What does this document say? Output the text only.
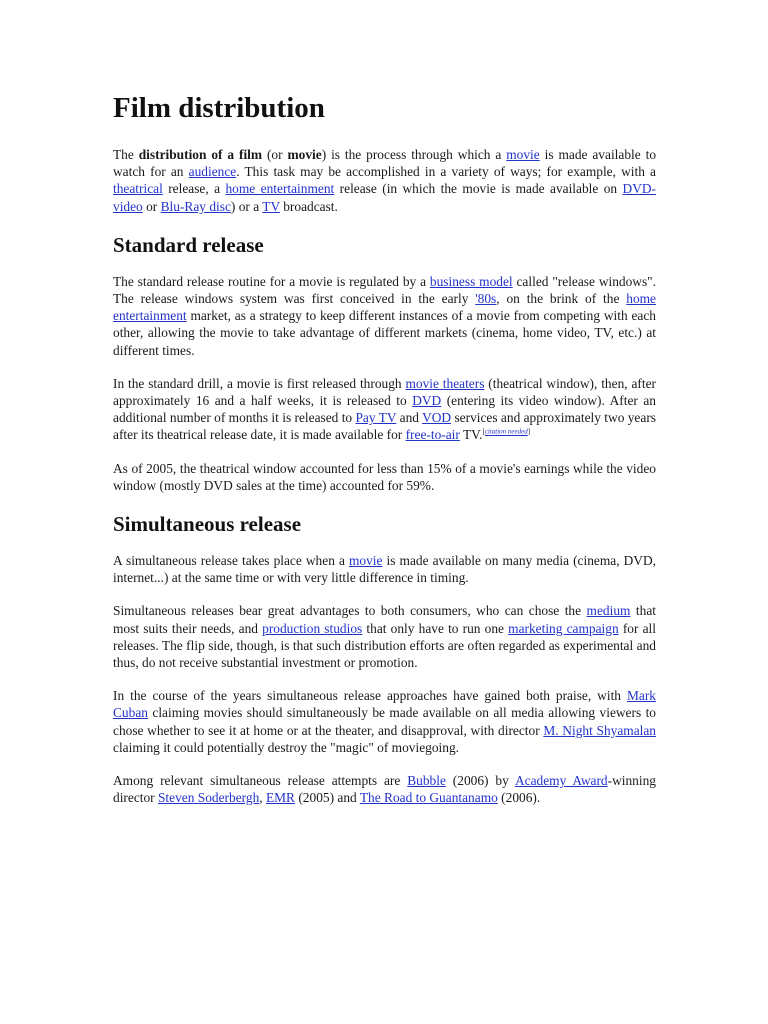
Film distribution

The distribution of a film (or movie) is the process through which a movie is made available to watch for an audience. This task may be accomplished in a variety of ways; for example, with a theatrical release, a home entertainment release (in which the movie is made available on DVD-video or Blu-Ray disc) or a TV broadcast.

Standard release

The standard release routine for a movie is regulated by a business model called "release windows". The release windows system was first conceived in the early '80s, on the brink of the home entertainment market, as a strategy to keep different instances of a movie from competing with each other, allowing the movie to take advantage of different markets (cinema, home video, TV, etc.) at different times.

In the standard drill, a movie is first released through movie theaters (theatrical window), then, after approximately 16 and a half weeks, it is released to DVD (entering its video window). After an additional number of months it is released to Pay TV and VOD services and approximately two years after its theatrical release date, it is made available for free-to-air TV.[citation needed]

As of 2005, the theatrical window accounted for less than 15% of a movie's earnings while the video window (mostly DVD sales at the time) accounted for 59%.

Simultaneous release

A simultaneous release takes place when a movie is made available on many media (cinema, DVD, internet...) at the same time or with very little difference in timing.

Simultaneous releases bear great advantages to both consumers, who can chose the medium that most suits their needs, and production studios that only have to run one marketing campaign for all releases. The flip side, though, is that such distribution efforts are often regarded as experimental and thus, do not receive substantial investment or promotion.

In the course of the years simultaneous release approaches have gained both praise, with Mark Cuban claiming movies should simultaneously be made available on all media allowing viewers to chose whether to see it at home or at the theater, and disapproval, with director M. Night Shyamalan claiming it could potentially destroy the "magic" of moviegoing.

Among relevant simultaneous release attempts are Bubble (2006) by Academy Award-winning director Steven Soderbergh, EMR (2005) and The Road to Guantanamo (2006).
